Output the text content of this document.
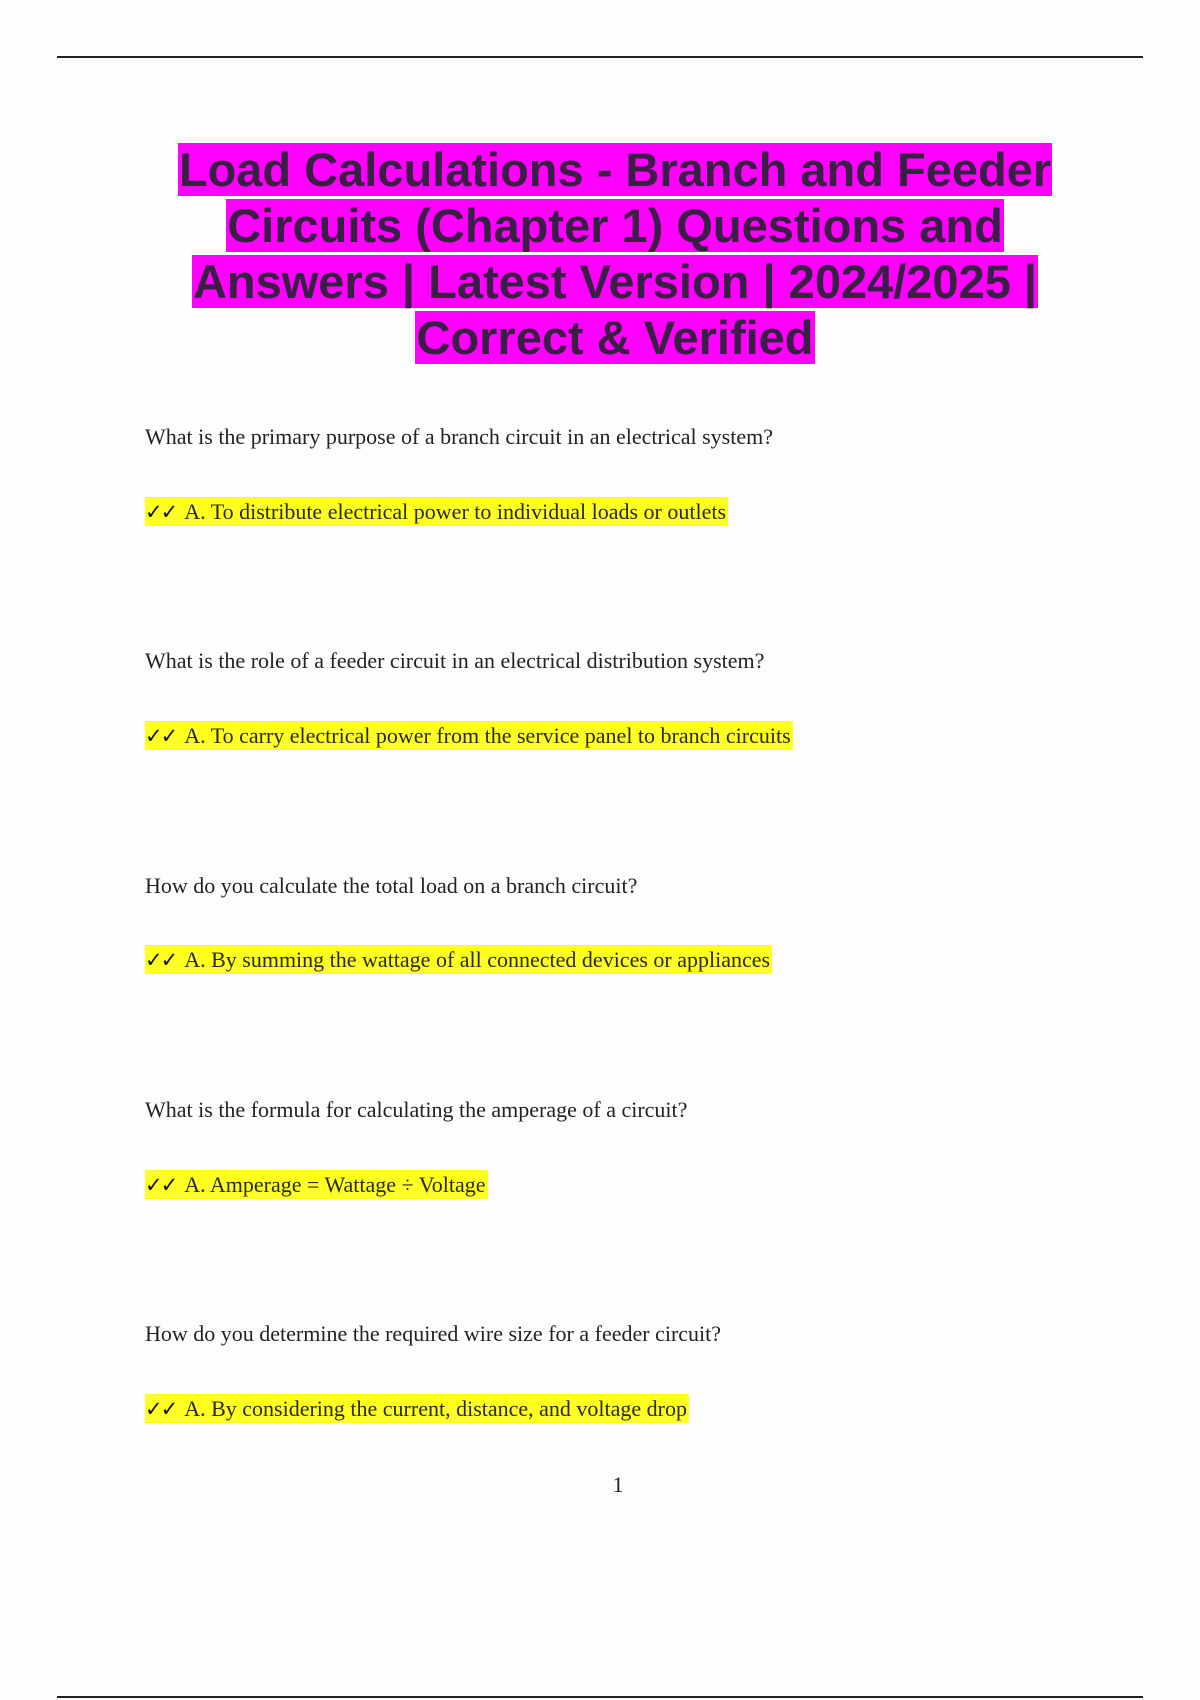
Load Calculations - Branch and Feeder Circuits (Chapter 1) Questions and Answers | Latest Version | 2024/2025 | Correct & Verified
What is the primary purpose of a branch circuit in an electrical system?
✓✓ A. To distribute electrical power to individual loads or outlets
What is the role of a feeder circuit in an electrical distribution system?
✓✓ A. To carry electrical power from the service panel to branch circuits
How do you calculate the total load on a branch circuit?
✓✓ A. By summing the wattage of all connected devices or appliances
What is the formula for calculating the amperage of a circuit?
✓✓ A. Amperage = Wattage ÷ Voltage
How do you determine the required wire size for a feeder circuit?
✓✓ A. By considering the current, distance, and voltage drop
1
